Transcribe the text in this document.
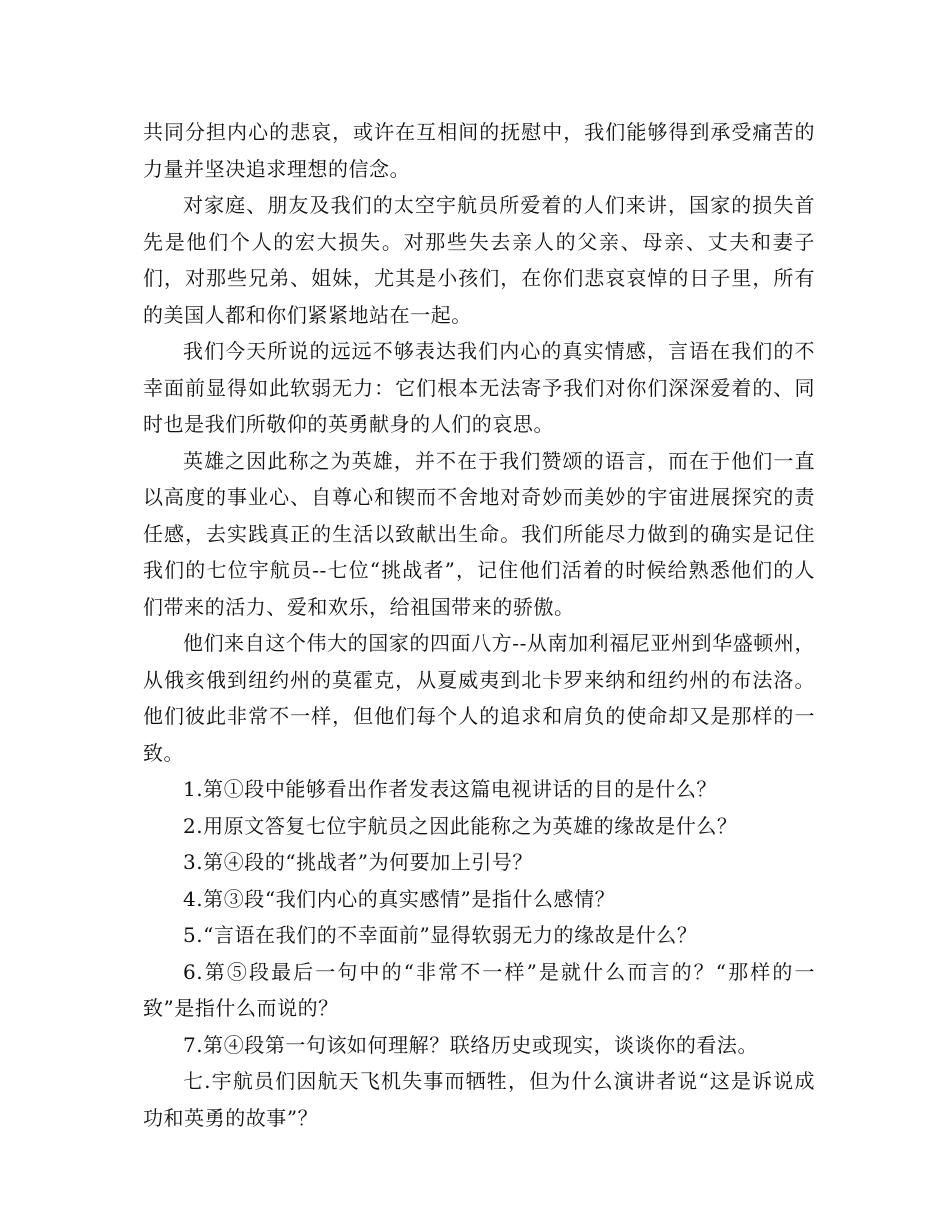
共同分担内心的悲哀，或许在互相间的抚慰中，我们能够得到承受痛苦的力量并坚决追求理想的信念。

对家庭、朋友及我们的太空宇航员所爱着的人们来讲，国家的损失首先是他们个人的宏大损失。对那些失去亲人的父亲、母亲、丈夫和妻子们，对那些兄弟、姐妹，尤其是小孩们，在你们悲哀哀悼的日子里，所有的美国人都和你们紧紧地站在一起。

我们今天所说的远远不够表达我们内心的真实情感，言语在我们的不幸面前显得如此软弱无力：它们根本无法寄予我们对你们深深爱着的、同时也是我们所敬仰的英勇献身的人们的哀思。

英雄之因此称之为英雄，并不在于我们赞颂的语言，而在于他们一直以高度的事业心、自尊心和锲而不舍地对奇妙而美妙的宇宙进展探究的责任感，去实践真正的生活以致献出生命。我们所能尽力做到的确实是记住我们的七位宇航员--七位“挑战者”，记住他们活着的时候给熟悉他们的人们带来的活力、爱和欢乐，给祖国带来的骄傲。

他们来自这个伟大的国家的四面八方--从南加利福尼亚州到华盛顿州，从俄亥俄到纽约州的莫霍克，从夏威夷到北卡罗来纳和纽约州的布法洛。他们彼此非常不一样，但他们每个人的追求和肩负的使命却又是那样的一致。

1.第①段中能够看出作者发表这篇电视讲话的目的是什么？

2.用原文答复七位宇航员之因此能称之为英雄的缘故是什么？

3.第④段的“挑战者”为何要加上引号？

4.第③段“我们内心的真实感情”是指什么感情？

5.“言语在我们的不幸面前”显得软弱无力的缘故是什么？

6.第⑤段最后一句中的“非常不一样”是就什么而言的？“那样的一致”是指什么而说的？

7.第④段第一句该如何理解？联络历史或现实，谈谈你的看法。

七.宇航员们因航天飞机失事而牺牲，但为什么演讲者说“这是诉说成功和英勇的故事”？
